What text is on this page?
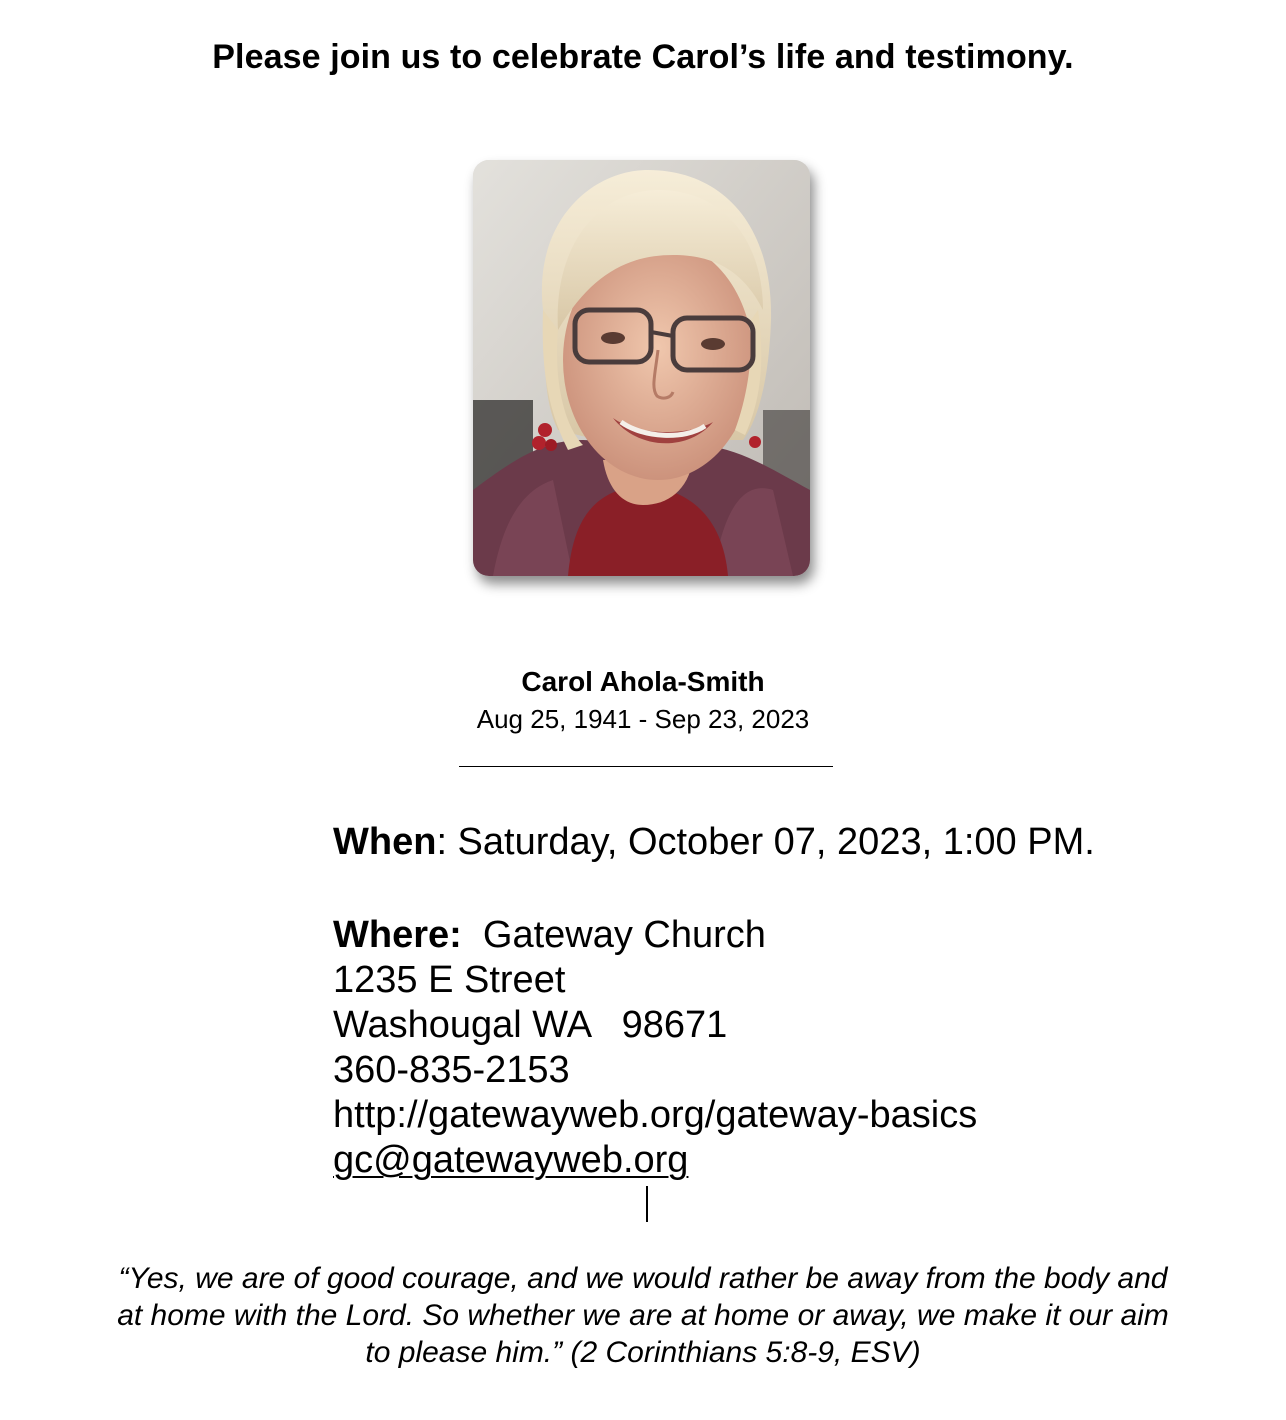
Please join us to celebrate Carol’s life and testimony.
Carol Ahola-Smith
Aug 25, 1941 - Sep 23, 2023
When: Saturday, October 07, 2023, 1:00 PM.
Where:  Gateway Church
1235 E Street
Washougal WA   98671
360-835-2153
http://gatewayweb.org/gateway-basics
gc@gatewayweb.org
“Yes, we are of good courage, and we would rather be away from the body and
at home with the Lord. So whether we are at home or away, we make it our aim
to please him.” (2 Corinthians 5:8-9, ESV)
